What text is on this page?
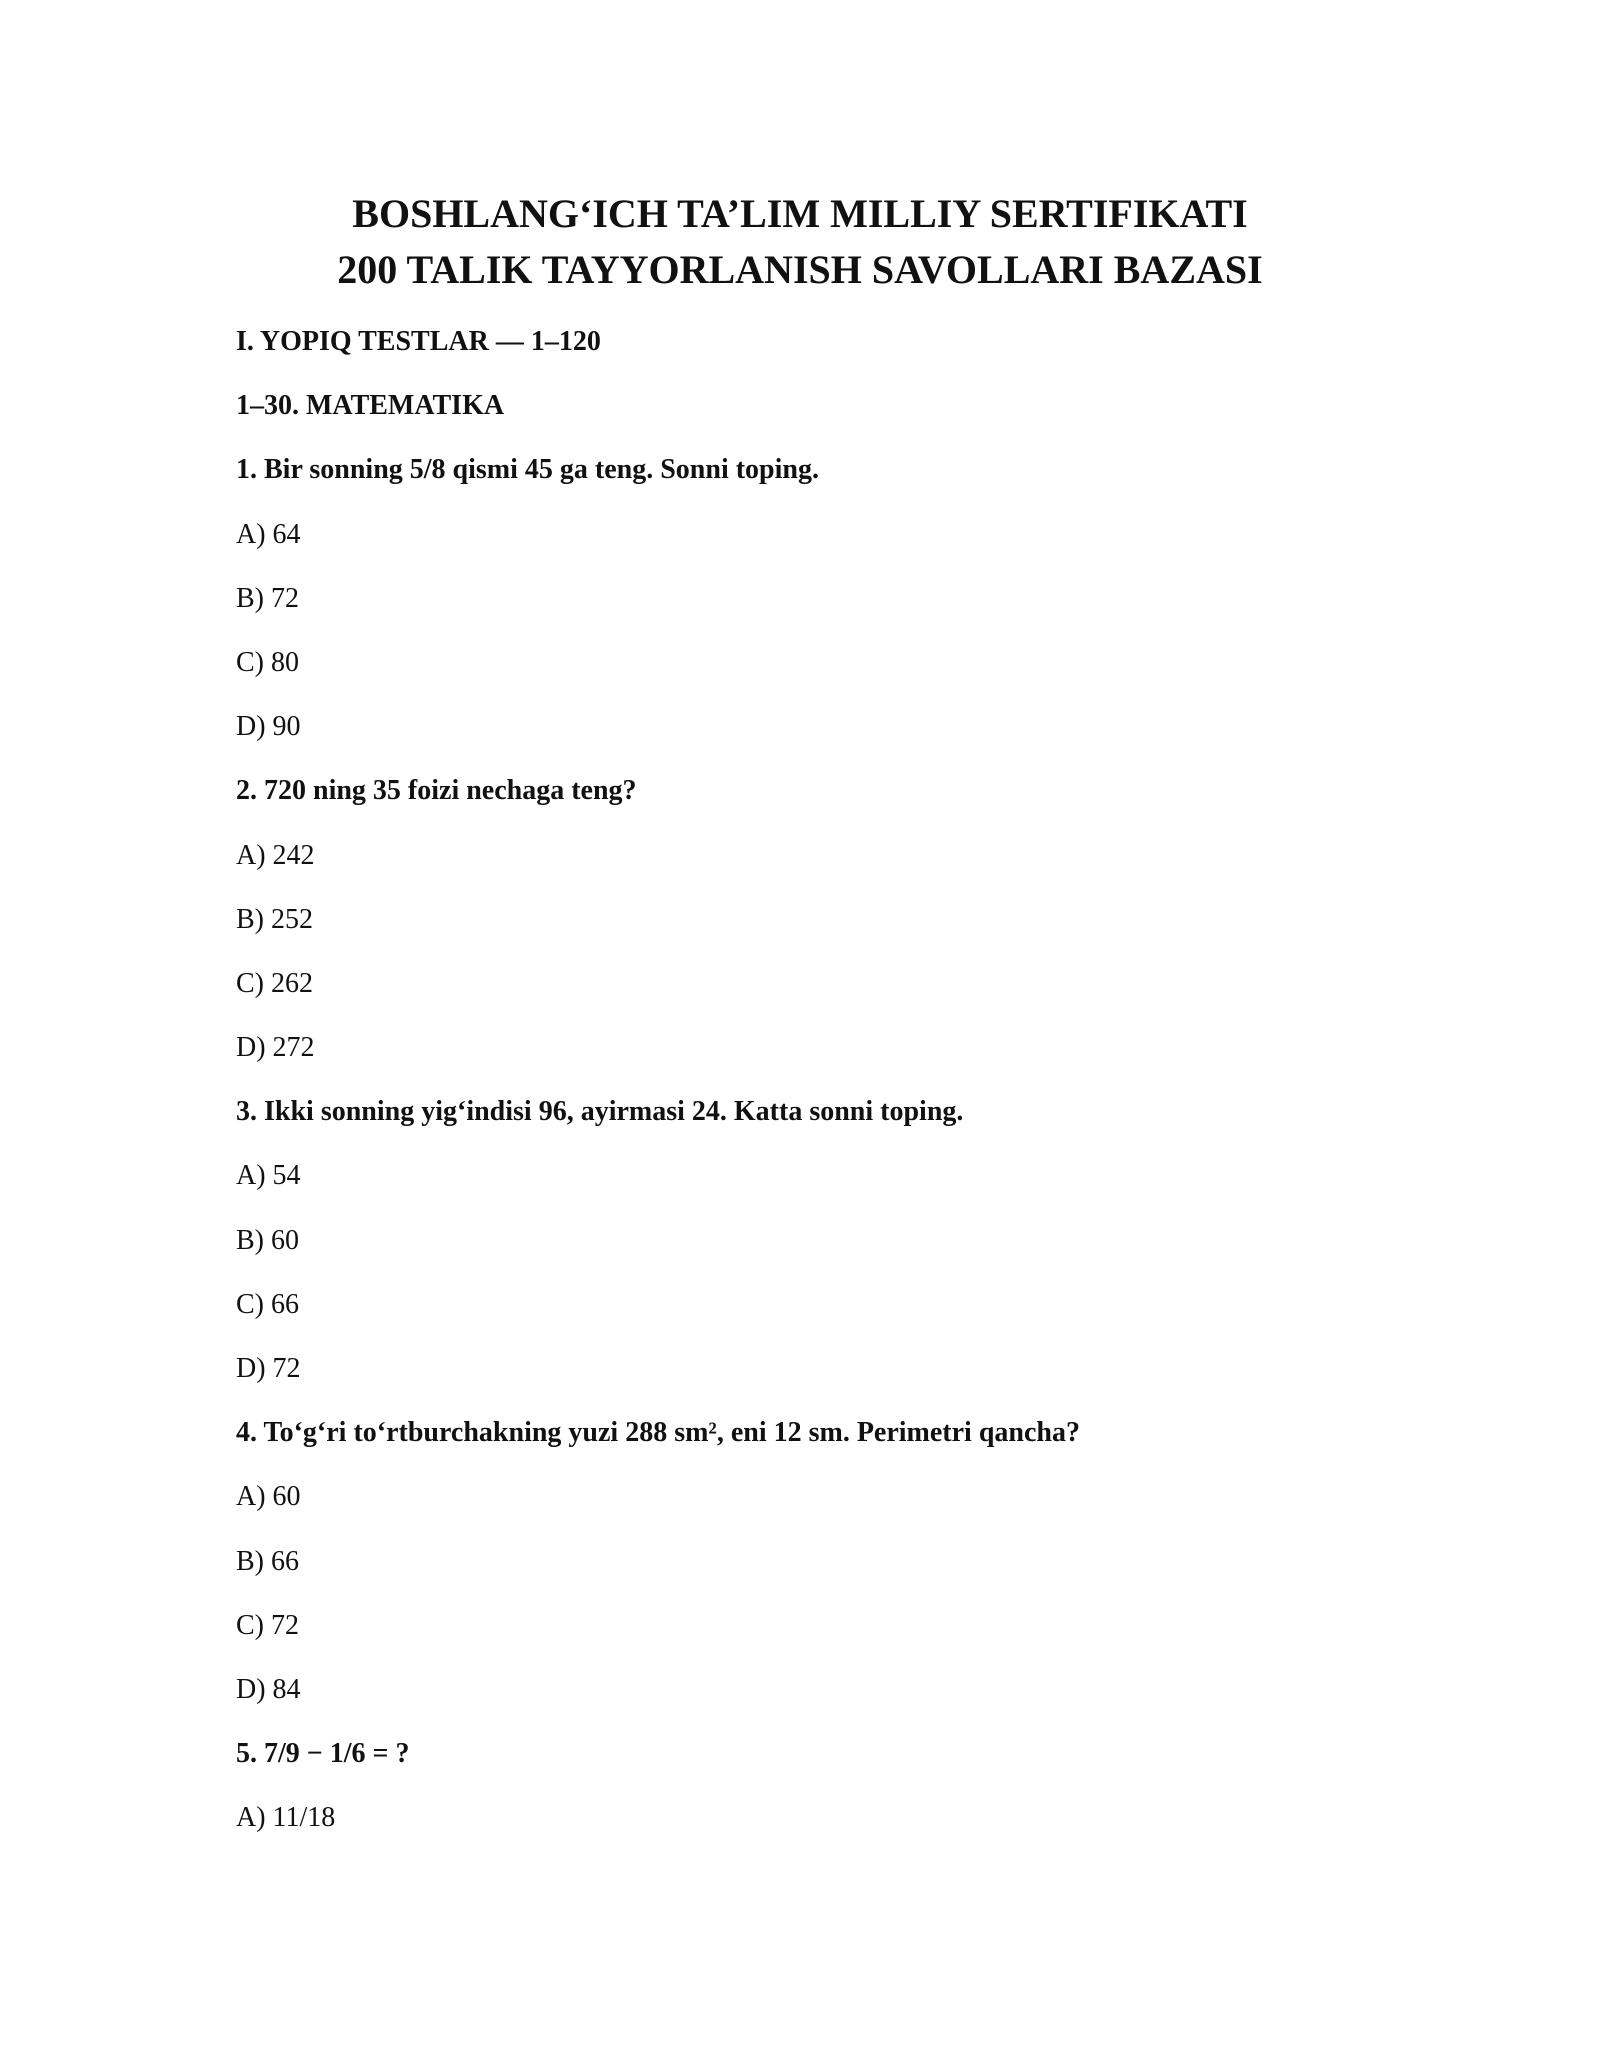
BOSHLANG‘ICH TA’LIM MILLIY SERTIFIKATI
200 TALIK TAYYORLANISH SAVOLLARI BAZASI
I. YOPIQ TESTLAR — 1–120
1–30. MATEMATIKA
1. Bir sonning 5/8 qismi 45 ga teng. Sonni toping.
A) 64
B) 72
C) 80
D) 90
2. 720 ning 35 foizi nechaga teng?
A) 242
B) 252
C) 262
D) 272
3. Ikki sonning yig‘indisi 96, ayirmasi 24. Katta sonni toping.
A) 54
B) 60
C) 66
D) 72
4. To‘g‘ri to‘rtburchakning yuzi 288 sm², eni 12 sm. Perimetri qancha?
A) 60
B) 66
C) 72
D) 84
5. 7/9 − 1/6 = ?
A) 11/18
